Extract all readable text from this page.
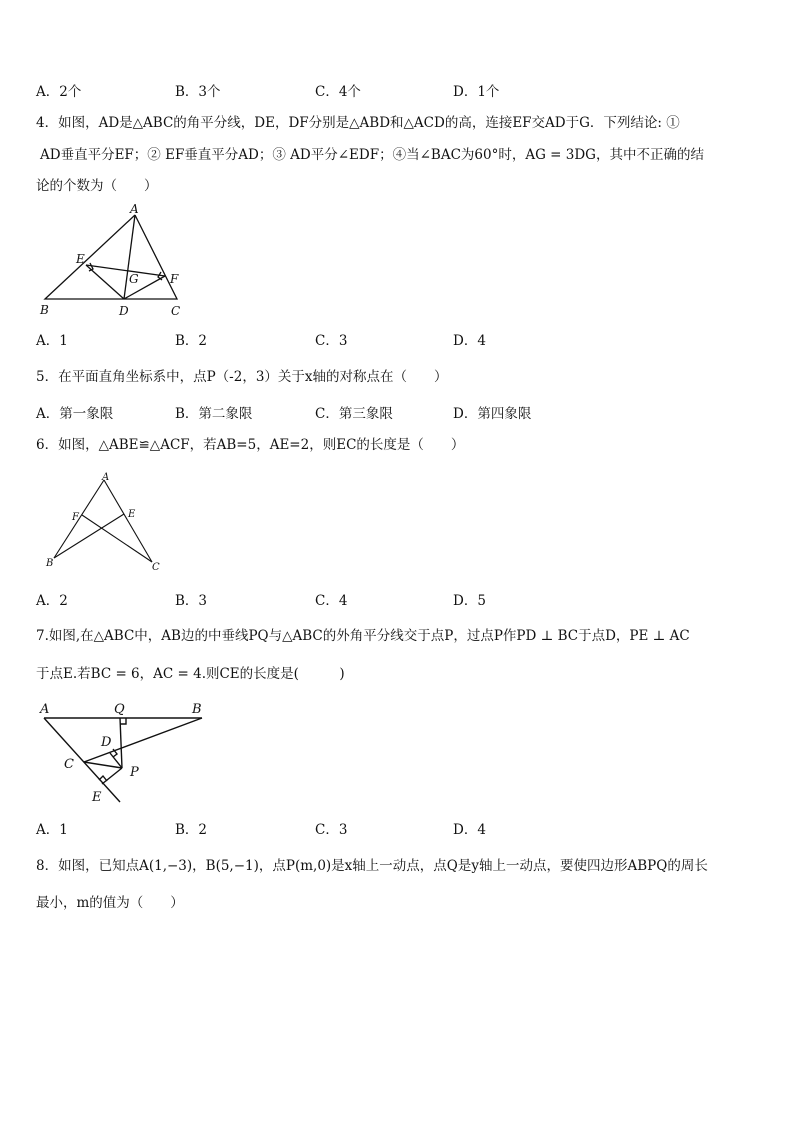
A．2个	B．3个	C．4个	D．1个
4．如图，AD是△ABC的角平分线，DE，DF分别是△ABD和△ACD的高，连接EF交AD于G．下列结论: ①
AD垂直平分EF；② EF垂直平分AD；③ AD平分∠EDF；④当∠BAC为60°时，AG = 3DG，其中不正确的结
论的个数为（　　）
A
E
G	F
B	D	C
A．1	B．2	C．3	D．4
5．在平面直角坐标系中，点P（-2，3）关于x轴的对称点在（　　）
A．第一象限	B．第二象限	C．第三象限	D．第四象限
6．如图，△ABE≌△ACF，若AB=5，AE=2，则EC的长度是（　　）
A
F	E
B	C
A．2	B．3	C．4	D．5
7.如图,在△ABC中，AB边的中垂线PQ与△ABC的外角平分线交于点P，过点P作PD ⊥ BC于点D，PE ⊥ AC
于点E.若BC = 6，AC = 4.则CE的长度是(　　　)
A	Q	B
D
C
P
E
A．1	B．2	C．3	D．4
8．如图，已知点A(1,−3)，B(5,−1)，点P(m,0)是x轴上一动点，点Q是y轴上一动点，要使四边形ABPQ的周长
最小，m的值为（　　）
